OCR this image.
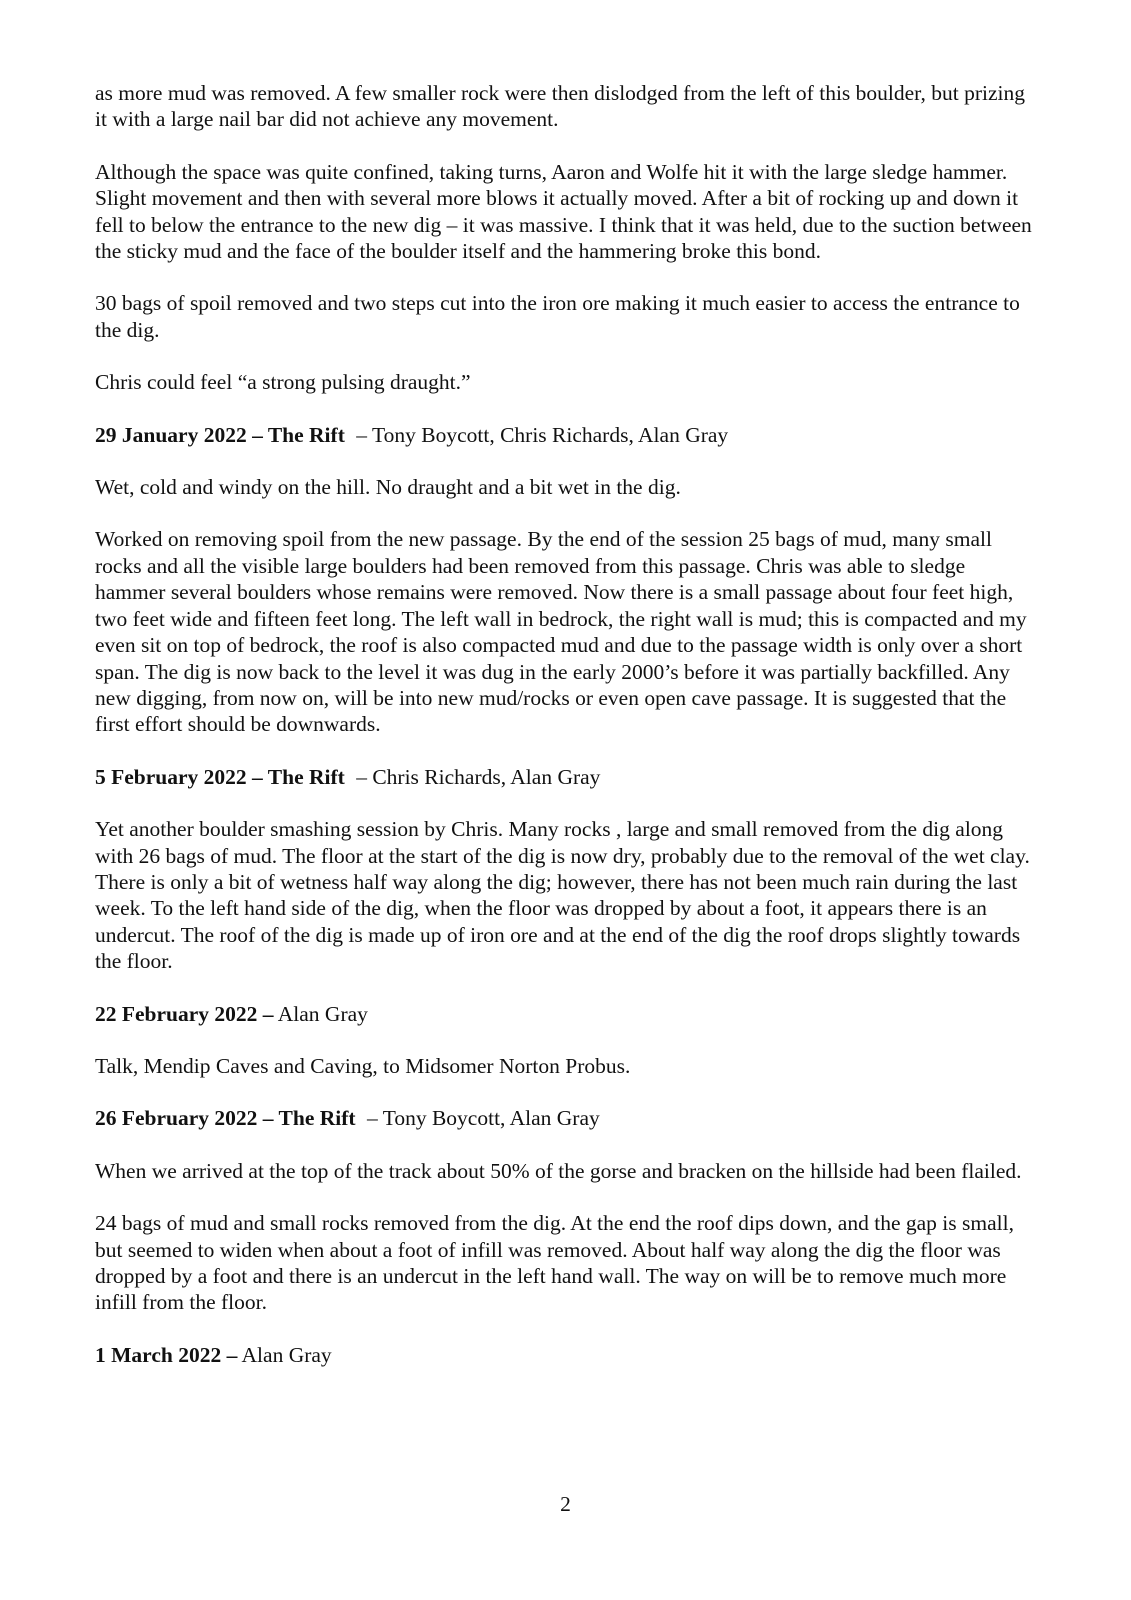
as more mud was removed. A few smaller rock were then dislodged from the left of this boulder, but prizing it with a large nail bar did not achieve any movement.

Although the space was quite confined, taking turns, Aaron and Wolfe hit it with the large sledge hammer. Slight movement and then with several more blows it actually moved. After a bit of rocking up and down it fell to below the entrance to the new dig – it was massive. I think that it was held, due to the suction between the sticky mud and the face of the boulder itself and the hammering broke this bond.

30 bags of spoil removed and two steps cut into the iron ore making it much easier to access the entrance to the dig.

Chris could feel “a strong pulsing draught.”

29 January 2022 – The Rift – Tony Boycott, Chris Richards, Alan Gray

Wet, cold and windy on the hill. No draught and a bit wet in the dig.

Worked on removing spoil from the new passage. By the end of the session 25 bags of mud, many small rocks and all the visible large boulders had been removed from this passage. Chris was able to sledge hammer several boulders whose remains were removed. Now there is a small passage about four feet high, two feet wide and fifteen feet long. The left wall in bedrock, the right wall is mud; this is compacted and my even sit on top of bedrock, the roof is also compacted mud and due to the passage width is only over a short span. The dig is now back to the level it was dug in the early 2000’s before it was partially backfilled. Any new digging, from now on, will be into new mud/rocks or even open cave passage. It is suggested that the first effort should be downwards.

5 February 2022 – The Rift – Chris Richards, Alan Gray

Yet another boulder smashing session by Chris. Many rocks , large and small removed from the dig along with 26 bags of mud. The floor at the start of the dig is now dry, probably due to the removal of the wet clay. There is only a bit of wetness half way along the dig; however, there has not been much rain during the last week. To the left hand side of the dig, when the floor was dropped by about a foot, it appears there is an undercut. The roof of the dig is made up of iron ore and at the end of the dig the roof drops slightly towards the floor.

22 February 2022 – Alan Gray

Talk, Mendip Caves and Caving, to Midsomer Norton Probus.

26 February 2022 – The Rift – Tony Boycott, Alan Gray

When we arrived at the top of the track about 50% of the gorse and bracken on the hillside had been flailed.

24 bags of mud and small rocks removed from the dig. At the end the roof dips down, and the gap is small, but seemed to widen when about a foot of infill was removed. About half way along the dig the floor was dropped by a foot and there is an undercut in the left hand wall. The way on will be to remove much more infill from the floor.

1 March 2022 – Alan Gray

2
